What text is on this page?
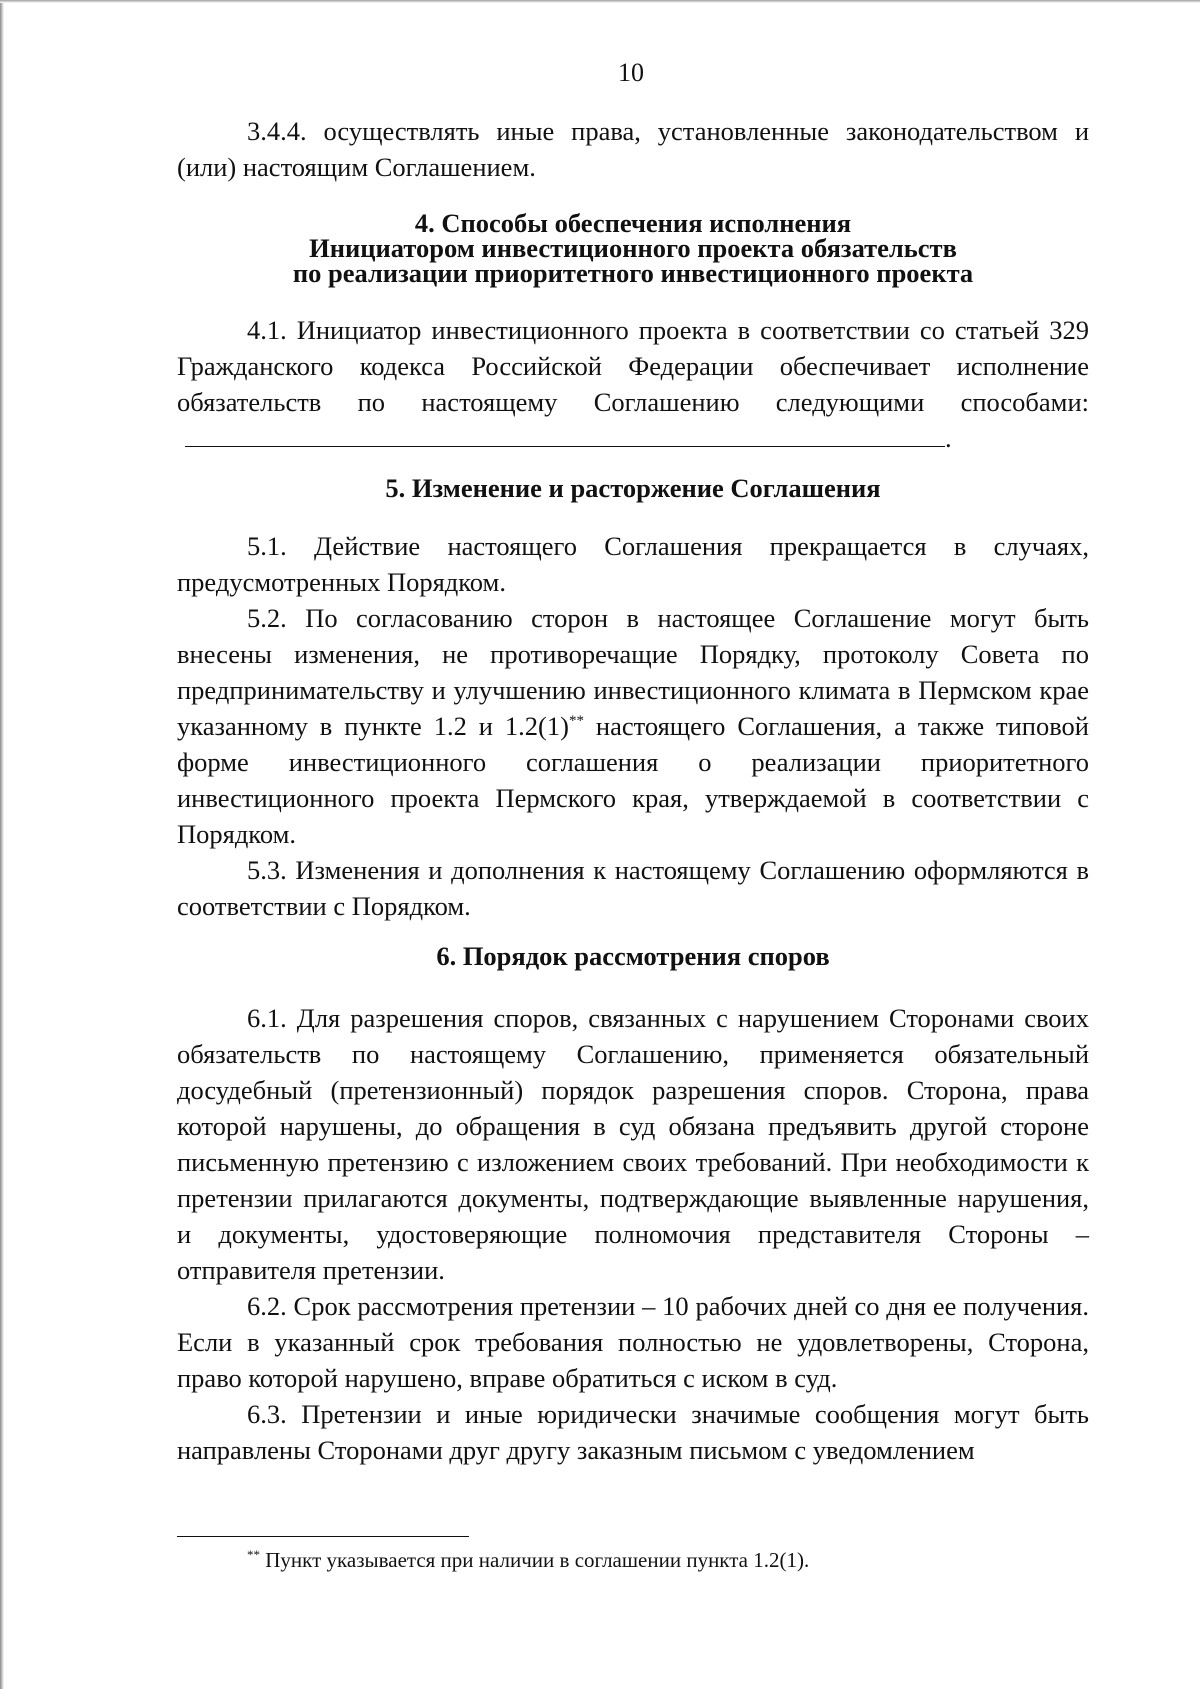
10

3.4.4. осуществлять иные права, установленные законодательством и (или) настоящим Соглашением.

4. Способы обеспечения исполнения

Инициатором инвестиционного проекта обязательств

по реализации приоритетного инвестиционного проекта

4.1. Инициатор инвестиционного проекта в соответствии со статьей 329 Гражданского кодекса Российской Федерации обеспечивает исполнение обязательств по настоящему Соглашению следующими способами:.

5. Изменение и расторжение Соглашения

5.1. Действие настоящего Соглашения прекращается в случаях, предусмотренных Порядком.

5.2. По согласованию сторон в настоящее Соглашение могут быть внесены изменения, не противоречащие Порядку, протоколу Совета по предпринимательству и улучшению инвестиционного климата в Пермском крае указанному в пункте 1.2 и 1.2(1)** настоящего Соглашения, а также типовой форме инвестиционного соглашения о реализации приоритетного инвестиционного проекта Пермского края, утверждаемой в соответствии с Порядком.

5.3. Изменения и дополнения к настоящему Соглашению оформляются в соответствии с Порядком.

6. Порядок рассмотрения споров

6.1. Для разрешения споров, связанных с нарушением Сторонами своих обязательств по настоящему Соглашению, применяется обязательный досудебный (претензионный) порядок разрешения споров. Сторона, права которой нарушены, до обращения в суд обязана предъявить другой стороне письменную претензию с изложением своих требований. При необходимости к претензии прилагаются документы, подтверждающие выявленные нарушения, и документы, удостоверяющие полномочия представителя Стороны – отправителя претензии.

6.2. Срок рассмотрения претензии – 10 рабочих дней со дня ее получения. Если в указанный срок требования полностью не удовлетворены, Сторона, право которой нарушено, вправе обратиться с иском в суд.

6.3. Претензии и иные юридически значимые сообщения могут быть направлены Сторонами друг другу заказным письмом с уведомлением

** Пункт указывается при наличии в соглашении пункта 1.2(1).
